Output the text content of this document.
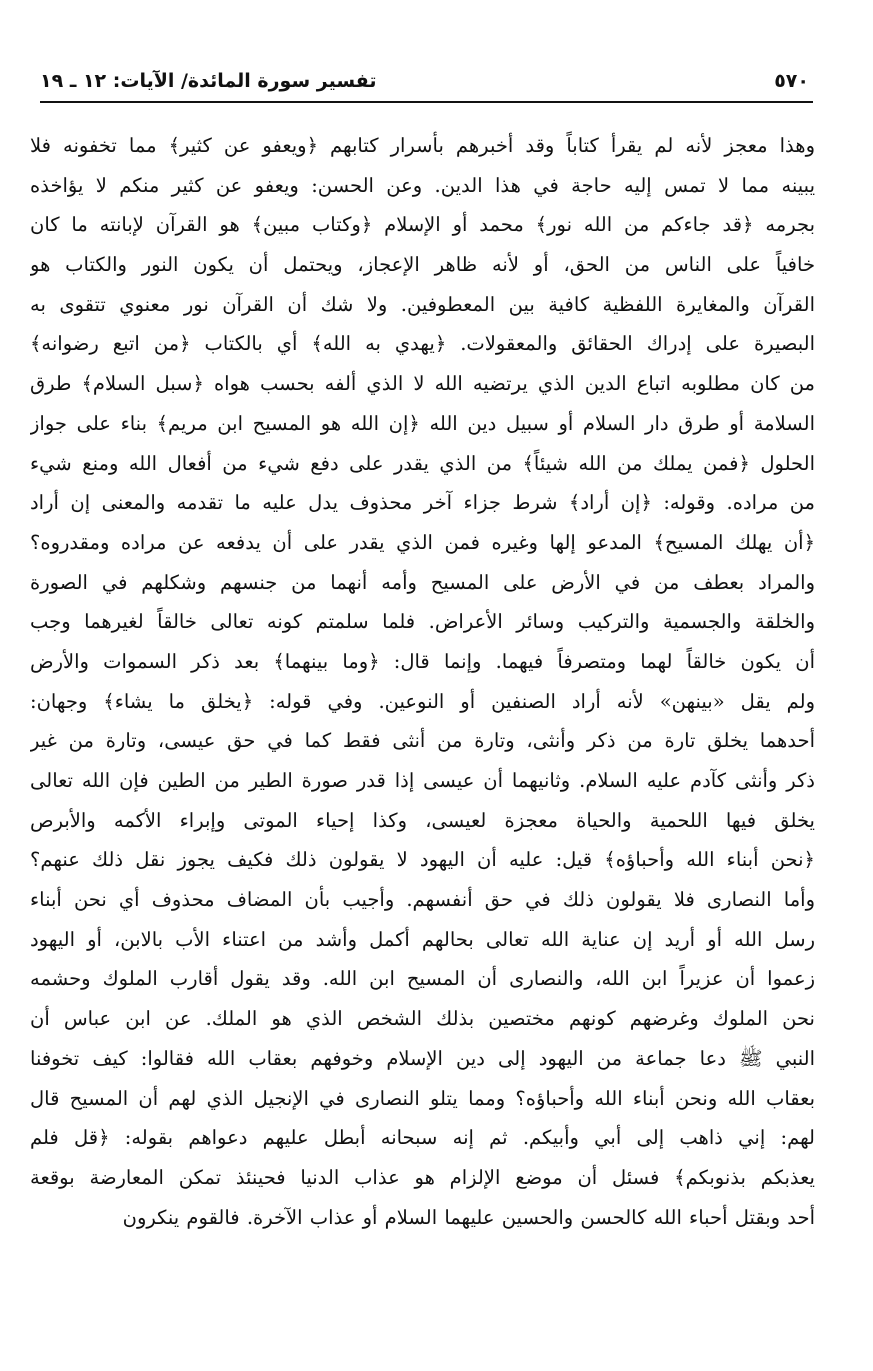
٥٧٠
تفسير سورة المائدة/ الآيات: ١٢ ـ ١٩
وهذا معجز لأنه لم يقرأ كتاباً وقد أخبرهم بأسرار كتابهم ﴿ويعفو عن كثير﴾ مما تخفونه فلا
يبينه مما لا تمس إليه حاجة في هذا الدين. وعن الحسن: ويعفو عن كثير منكم لا يؤاخذه
بجرمه ﴿قد جاءكم من الله نور﴾ محمد أو الإسلام ﴿وكتاب مبين﴾ هو القرآن لإبانته ما كان
خافياً على الناس من الحق، أو لأنه ظاهر الإعجاز، ويحتمل أن يكون النور والكتاب هو
القرآن والمغايرة اللفظية كافية بين المعطوفين. ولا شك أن القرآن نور معنوي تتقوى به
البصيرة على إدراك الحقائق والمعقولات. ﴿يهدي به الله﴾ أي بالكتاب ﴿من اتبع رضوانه﴾
من كان مطلوبه اتباع الدين الذي يرتضيه الله لا الذي ألفه بحسب هواه ﴿سبل السلام﴾ طرق
السلامة أو طرق دار السلام أو سبيل دين الله ﴿إن الله هو المسيح ابن مريم﴾ بناء على جواز
الحلول ﴿فمن يملك من الله شيئاً﴾ من الذي يقدر على دفع شيء من أفعال الله ومنع شيء
من مراده. وقوله: ﴿إن أراد﴾ شرط جزاء آخر محذوف يدل عليه ما تقدمه والمعنى إن أراد
﴿أن يهلك المسيح﴾ المدعو إلها وغيره فمن الذي يقدر على أن يدفعه عن مراده ومقدروه؟
والمراد بعطف من في الأرض على المسيح وأمه أنهما من جنسهم وشكلهم في الصورة
والخلقة والجسمية والتركيب وسائر الأعراض. فلما سلمتم كونه تعالى خالقاً لغيرهما وجب
أن يكون خالقاً لهما ومتصرفاً فيهما. وإنما قال: ﴿وما بينهما﴾ بعد ذكر السموات والأرض
ولم يقل «بينهن» لأنه أراد الصنفين أو النوعين. وفي قوله: ﴿يخلق ما يشاء﴾ وجهان:
أحدهما يخلق تارة من ذكر وأنثى، وتارة من أنثى فقط كما في حق عيسى، وتارة من غير
ذكر وأنثى كآدم عليه السلام. وثانيهما أن عيسى إذا قدر صورة الطير من الطين فإن الله تعالى
يخلق فيها اللحمية والحياة معجزة لعيسى، وكذا إحياء الموتى وإبراء الأكمه والأبرص
﴿نحن أبناء الله وأحباؤه﴾ قيل: عليه أن اليهود لا يقولون ذلك فكيف يجوز نقل ذلك عنهم؟
وأما النصارى فلا يقولون ذلك في حق أنفسهم. وأجيب بأن المضاف محذوف أي نحن أبناء
رسل الله أو أريد إن عناية الله تعالى بحالهم أكمل وأشد من اعتناء الأب بالابن، أو اليهود
زعموا أن عزيراً ابن الله، والنصارى أن المسيح ابن الله. وقد يقول أقارب الملوك وحشمه
نحن الملوك وغرضهم كونهم مختصين بذلك الشخص الذي هو الملك. عن ابن عباس أن
النبي ﷺ دعا جماعة من اليهود إلى دين الإسلام وخوفهم بعقاب الله فقالوا: كيف تخوفنا
بعقاب الله ونحن أبناء الله وأحباؤه؟ ومما يتلو النصارى في الإنجيل الذي لهم أن المسيح قال
لهم: إني ذاهب إلى أبي وأبيكم. ثم إنه سبحانه أبطل عليهم دعواهم بقوله: ﴿قل فلم
يعذبكم بذنوبكم﴾ فسئل أن موضع الإلزام هو عذاب الدنيا فحينئذ تمكن المعارضة بوقعة
أحد وبقتل أحباء الله كالحسن والحسين عليهما السلام أو عذاب الآخرة. فالقوم ينكرون
